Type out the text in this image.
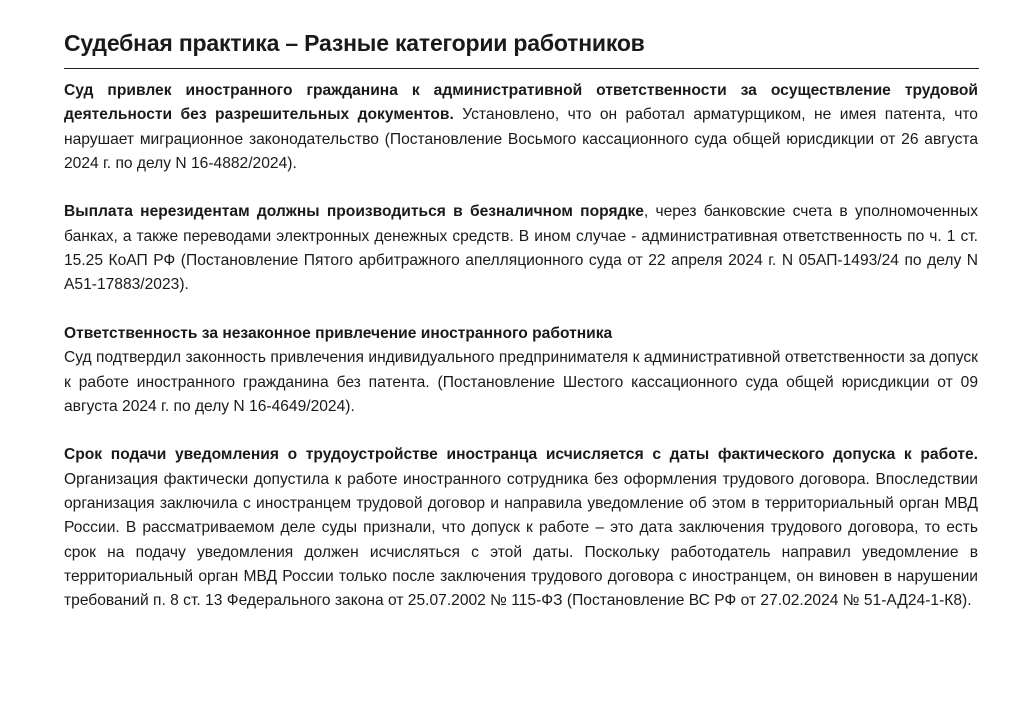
Судебная практика – Разные категории работников

Суд привлек иностранного гражданина к административной ответственности за осуществление трудовой деятельности без разрешительных документов. Установлено, что он работал арматурщиком, не имея патента, что нарушает миграционное законодательство (Постановление Восьмого кассационного суда общей юрисдикции от 26 августа 2024 г. по делу N 16-4882/2024).

Выплата нерезидентам должны производиться в безналичном порядке, через банковские счета в уполномоченных банках, а также переводами электронных денежных средств. В ином случае - административная ответственность по ч. 1 ст. 15.25 КоАП РФ (Постановление Пятого арбитражного апелляционного суда от 22 апреля 2024 г. N 05АП-1493/24 по делу N А51-17883/2023).

Ответственность за незаконное привлечение иностранного работника
Суд подтвердил законность привлечения индивидуального предпринимателя к административной ответственности за допуск к работе иностранного гражданина без патента. (Постановление Шестого кассационного суда общей юрисдикции от 09 августа 2024 г. по делу N 16-4649/2024).

Срок подачи уведомления о трудоустройстве иностранца исчисляется с даты фактического допуска к работе. Организация фактически допустила к работе иностранного сотрудника без оформления трудового договора. Впоследствии организация заключила с иностранцем трудовой договор и направила уведомление об этом в территориальный орган МВД России. В рассматриваемом деле суды признали, что допуск к работе – это дата заключения трудового договора, то есть срок на подачу уведомления должен исчисляться с этой даты. Поскольку работодатель направил уведомление в территориальный орган МВД России только после заключения трудового договора с иностранцем, он виновен в нарушении требований п. 8 ст. 13 Федерального закона от 25.07.2002 № 115-ФЗ (Постановление ВС РФ от 27.02.2024 № 51-АД24-1-К8).
